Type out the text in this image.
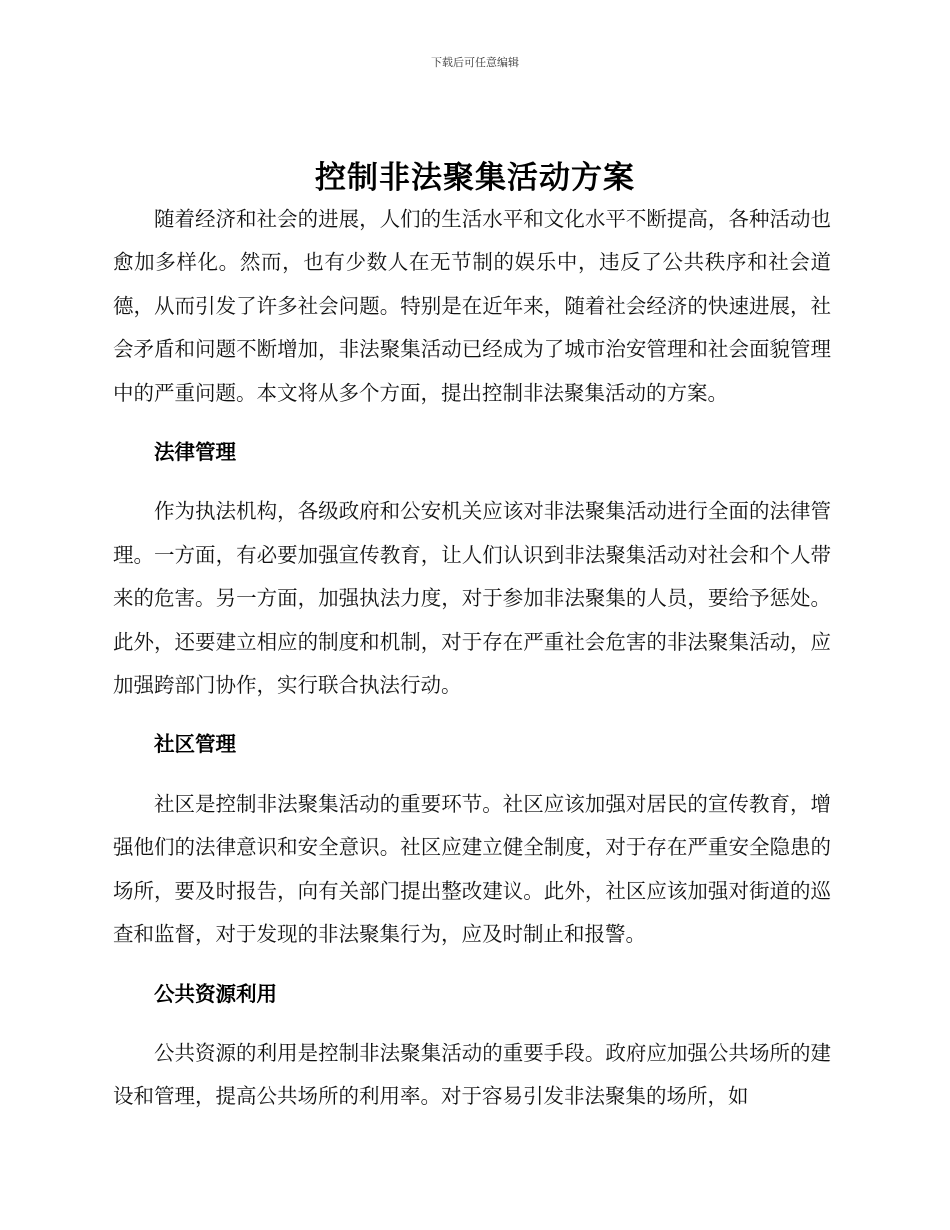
下载后可任意编辑
控制非法聚集活动方案

随着经济和社会的进展，人们的生活水平和文化水平不断提高，各种活动也愈加多样化。然而，也有少数人在无节制的娱乐中，违反了公共秩序和社会道德，从而引发了许多社会问题。特别是在近年来，随着社会经济的快速进展，社会矛盾和问题不断增加，非法聚集活动已经成为了城市治安管理和社会面貌管理中的严重问题。本文将从多个方面，提出控制非法聚集活动的方案。

法律管理

作为执法机构，各级政府和公安机关应该对非法聚集活动进行全面的法律管理。一方面，有必要加强宣传教育，让人们认识到非法聚集活动对社会和个人带来的危害。另一方面，加强执法力度，对于参加非法聚集的人员，要给予惩处。此外，还要建立相应的制度和机制，对于存在严重社会危害的非法聚集活动，应加强跨部门协作，实行联合执法行动。

社区管理

社区是控制非法聚集活动的重要环节。社区应该加强对居民的宣传教育，增强他们的法律意识和安全意识。社区应建立健全制度，对于存在严重安全隐患的场所，要及时报告，向有关部门提出整改建议。此外，社区应该加强对街道的巡查和监督，对于发现的非法聚集行为，应及时制止和报警。

公共资源利用

公共资源的利用是控制非法聚集活动的重要手段。政府应加强公共场所的建设和管理，提高公共场所的利用率。对于容易引发非法聚集的场所，如
